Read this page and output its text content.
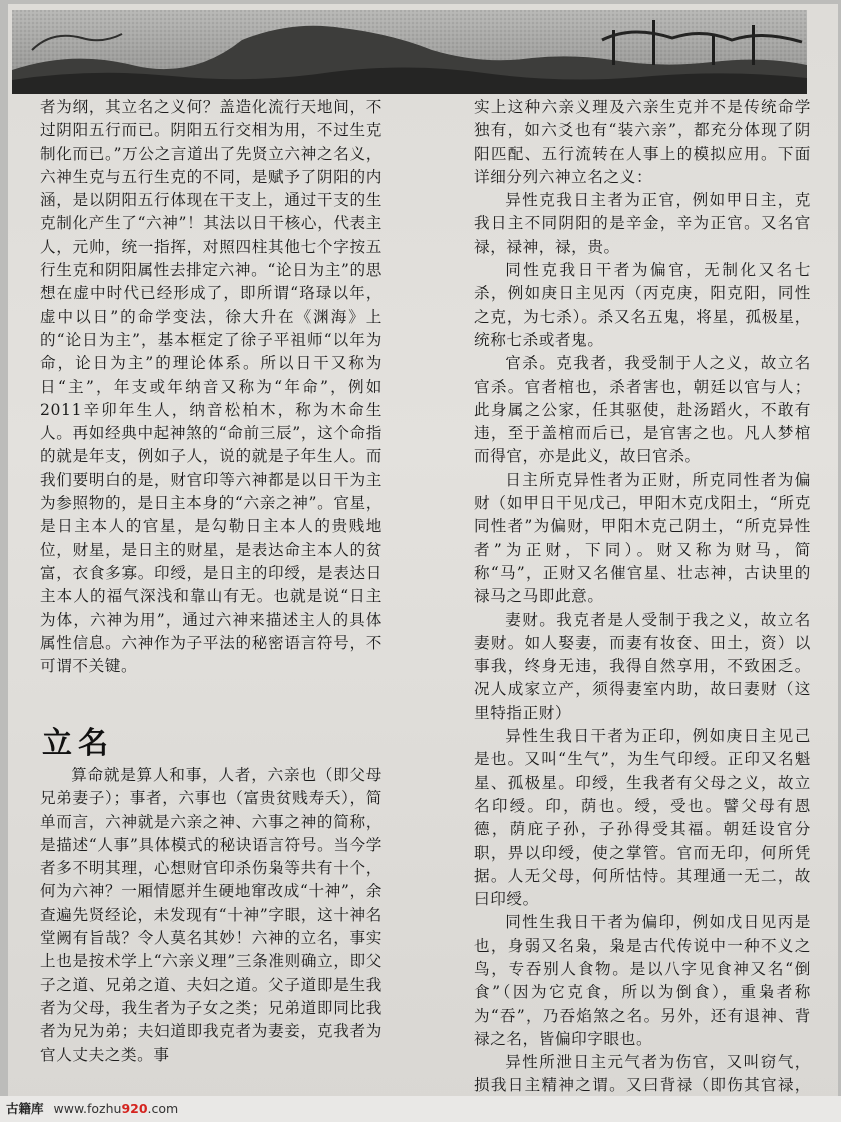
者为纲，其立名之义何？盖造化流行天地间，不过阴阳五行而已。阴阳五行交相为用，不过生克制化而已。”万公之言道出了先贤立六神之名义，六神生克与五行生克的不同，是赋予了阴阳的内涵，是以阴阳五行体现在干支上，通过干支的生克制化产生了“六神”！其法以日干核心，代表主人，元帅，统一指挥，对照四柱其他七个字按五行生克和阴阳属性去排定六神。“论日为主”的思想在虚中时代已经形成了，即所谓“珞琭以年，虚中以日”的命学变法，徐大升在《渊海》上的“论日为主”，基本框定了徐子平祖师“以年为命，论日为主”的理论体系。所以日干又称为日“主”，年支或年纳音又称为“年命”，例如2011辛卯年生人，纳音松柏木，称为木命生人。再如经典中起神煞的“命前三辰”，这个命指的就是年支，例如子人，说的就是子年生人。而我们要明白的是，财官印等六神都是以日干为主为参照物的，是日主本身的“六亲之神”。官星，是日主本人的官星，是勾勒日主本人的贵贱地位，财星，是日主的财星，是表达命主本人的贫富，衣食多寡。印绶，是日主的印绶，是表达日主本人的福气深浅和靠山有无。也就是说“日主为体，六神为用”，通过六神来描述主人的具体属性信息。六神作为子平法的秘密语言符号，不可谓不关键。

立名

算命就是算人和事，人者，六亲也（即父母兄弟妻子）；事者，六事也（富贵贫贱寿夭），简单而言，六神就是六亲之神、六事之神的简称，是描述“人事”具体模式的秘诀语言符号。当今学者多不明其理，心想财官印杀伤枭等共有十个，何为六神？一厢情愿并生硬地窜改成“十神”，余查遍先贤经论，未发现有“十神”字眼，这十神名堂阙有旨哉？令人莫名其妙！六神的立名，事实上也是按术学上“六亲义理”三条准则确立，即父子之道、兄弟之道、夫妇之道。父子道即是生我者为父母，我生者为子女之类；兄弟道即同比我者为兄为弟；夫妇道即我克者为妻妾，克我者为官人丈夫之类。事

实上这种六亲义理及六亲生克并不是传统命学独有，如六爻也有“装六亲”，都充分体现了阴阳匹配、五行流转在人事上的模拟应用。下面详细分列六神立名之义：

异性克我日主者为正官，例如甲日主，克我日主不同阴阳的是辛金，辛为正官。又名官禄，禄神，禄，贵。

同性克我日干者为偏官，无制化又名七杀，例如庚日主见丙（丙克庚，阳克阳，同性之克，为七杀）。杀又名五鬼，将星，孤极星，统称七杀或者鬼。

官杀。克我者，我受制于人之义，故立名官杀。官者棺也，杀者害也，朝廷以官与人；此身属之公家，任其驱使，赴汤蹈火，不敢有违，至于盖棺而后已，是官害之也。凡人梦棺而得官，亦是此义，故曰官杀。

日主所克异性者为正财，所克同性者为偏财（如甲日干见戊己，甲阳木克戊阳土，“所克同性者”为偏财，甲阳木克己阴土，“所克异性者”为正财，下同）。财又称为财马，简称“马”，正财又名催官星、壮志神，古诀里的禄马之马即此意。

妻财。我克者是人受制于我之义，故立名妻财。如人娶妻，而妻有妆奁、田土，资）以事我，终身无违，我得自然享用，不致困乏。况人成家立产，须得妻室内助，故曰妻财（这里特指正财）

异性生我日干者为正印，例如庚日主见己是也。又叫“生气”，为生气印绶。正印又名魁星、孤极星。印绶，生我者有父母之义，故立名印绶。印，荫也。绶，受也。譬父母有恩德，荫庇子孙，子孙得受其福。朝廷设官分职，畀以印绶，使之掌管。官而无印，何所凭据。人无父母，何所怙恃。其理通一无二，故曰印绶。

同性生我日干者为偏印，例如戊日见丙是也，身弱又名枭，枭是古代传说中一种不义之鸟，专吞别人食物。是以八字见食神又名“倒食”（因为它克食，所以为倒食），重枭者称为“吞”，乃吞焰煞之名。另外，还有退神、背禄之名，皆偏印字眼也。

异性所泄日主元气者为伤官，又叫窃气，损我日主精神之谓。又曰背禄（即伤其官禄，

古籍库 www.fozhu920.com
